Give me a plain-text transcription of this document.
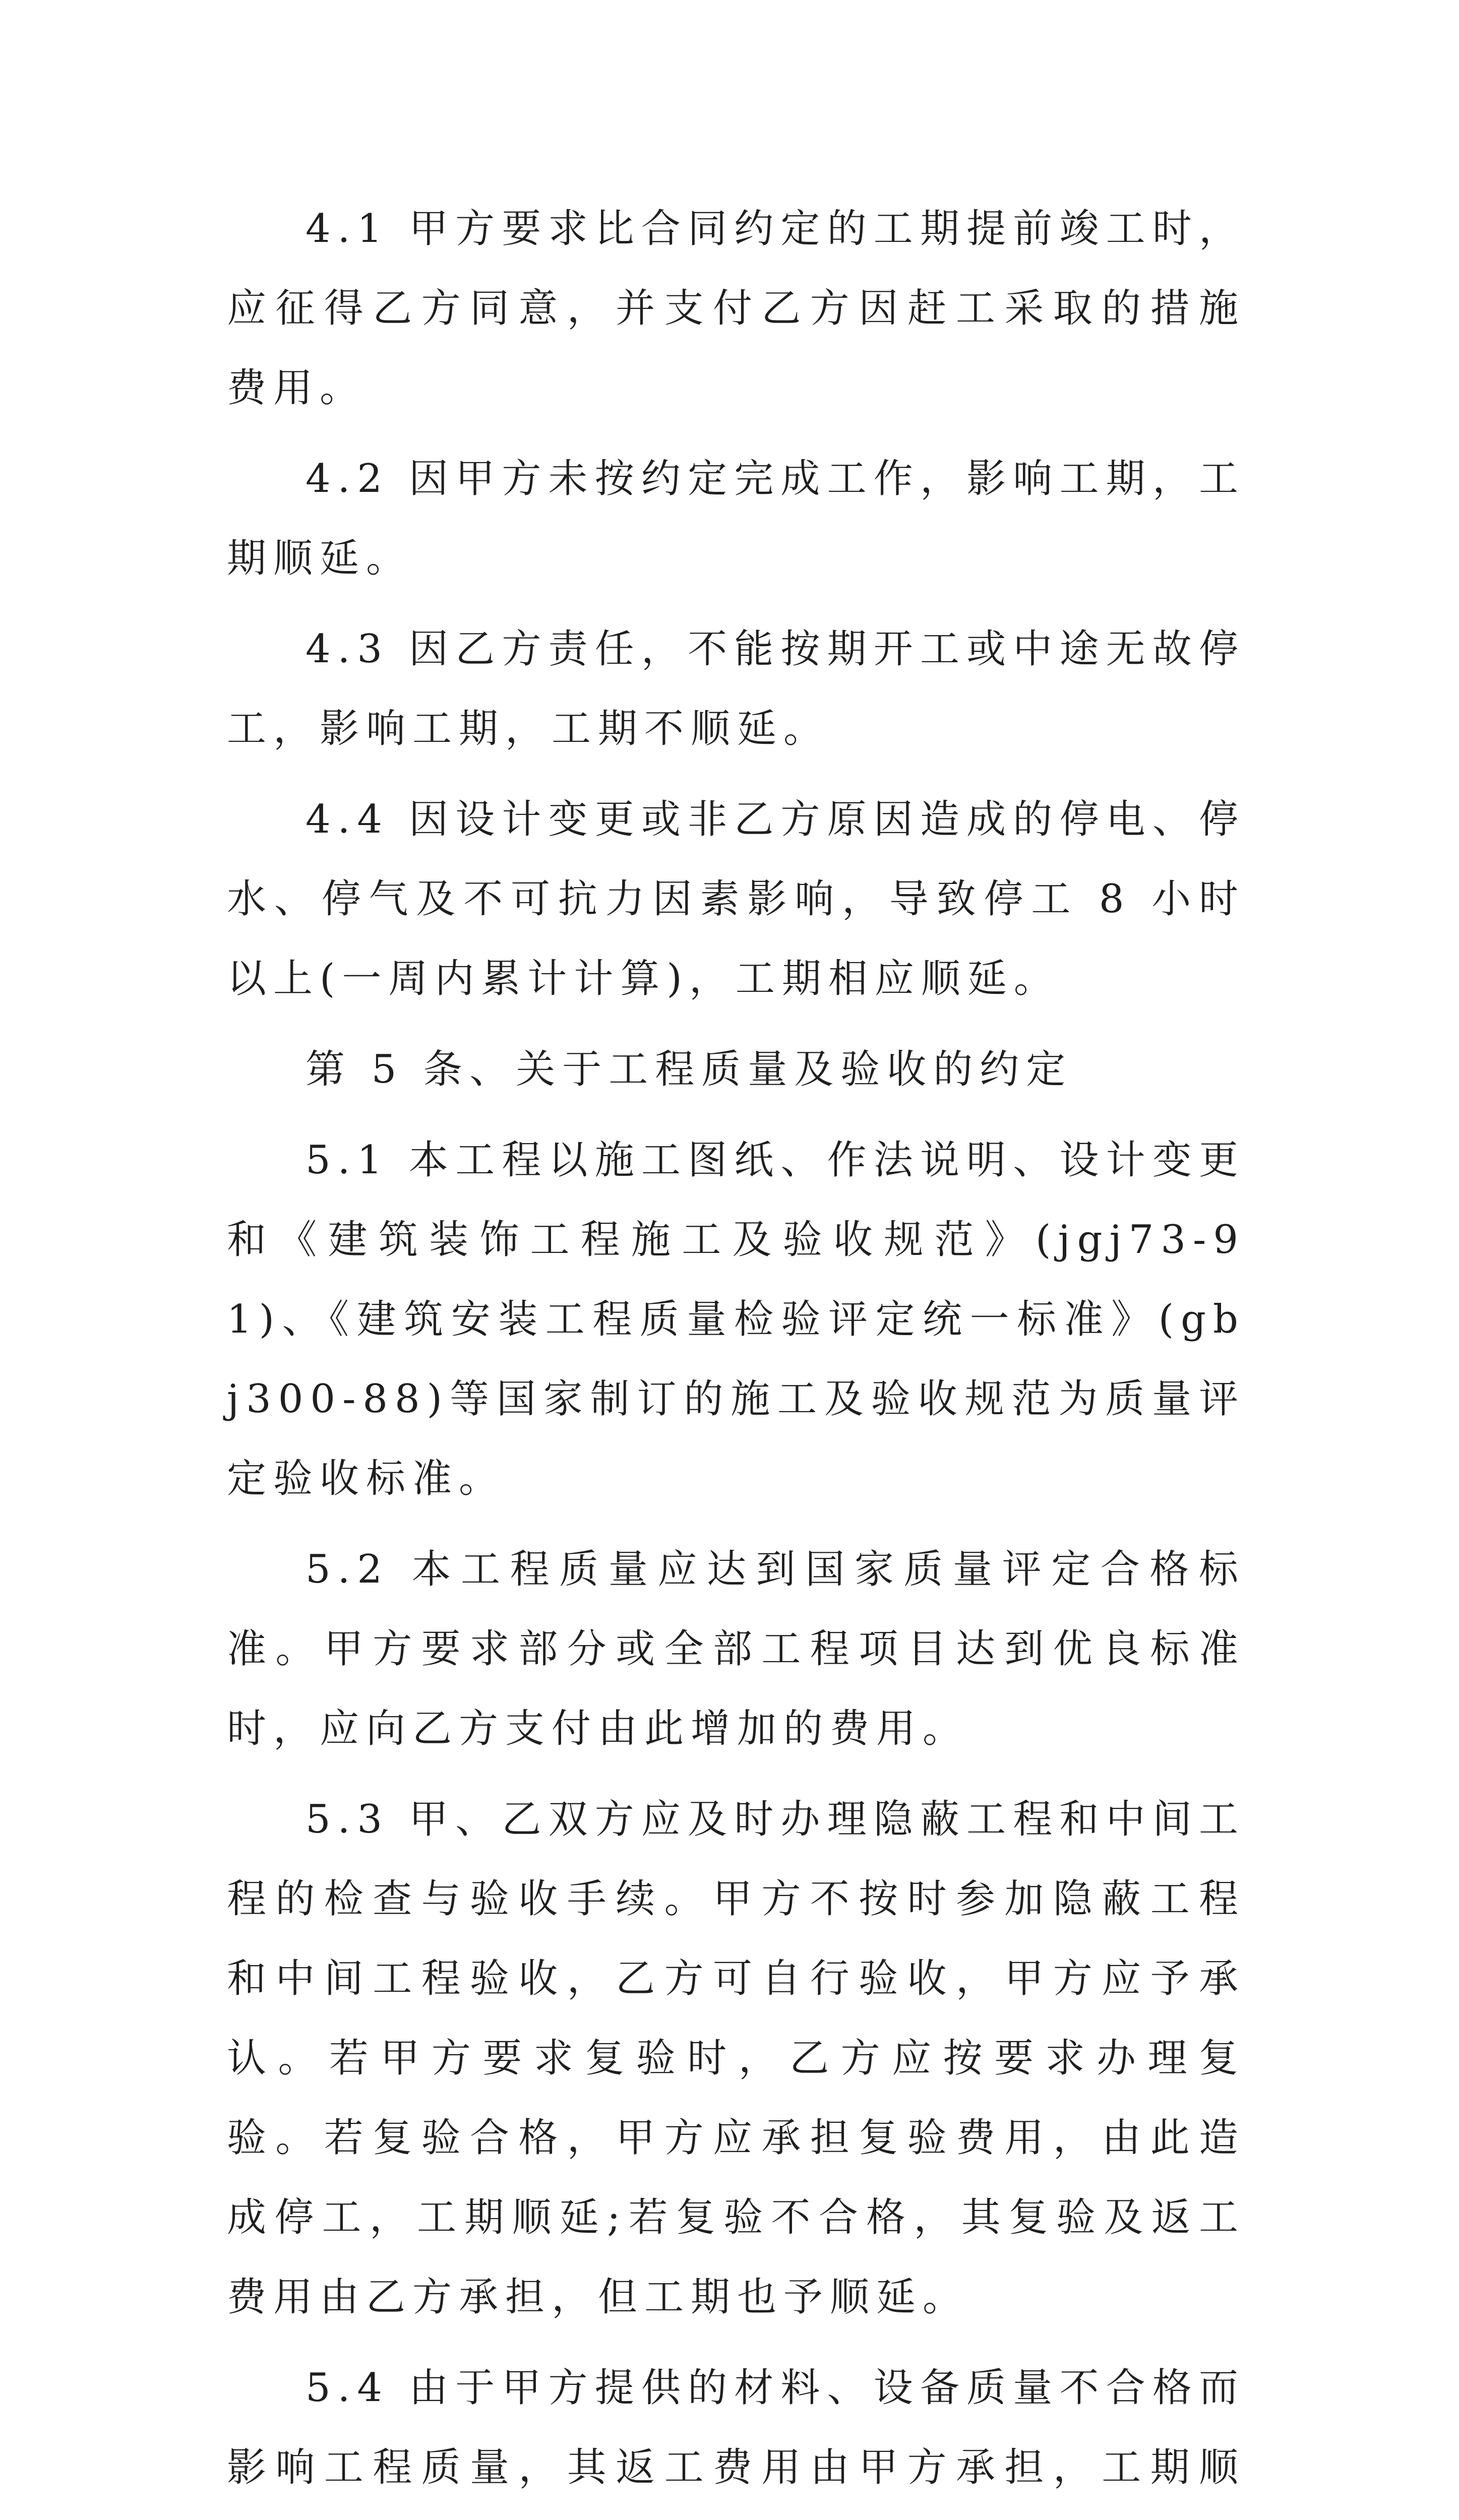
4.1 甲方要求比合同约定的工期提前竣工时，应征得乙方同意，并支付乙方因赶工采取的措施费用。

4.2 因甲方未按约定完成工作，影响工期，工期顺延。

4.3 因乙方责任，不能按期开工或中途无故停工，影响工期，工期不顺延。

4.4 因设计变更或非乙方原因造成的停电、停水、停气及不可抗力因素影响，导致停工 8 小时以上(一周内累计计算)，工期相应顺延。

第 5 条、关于工程质量及验收的约定

5.1 本工程以施工图纸、作法说明、设计变更和《建筑装饰工程施工及验收规范》(jgj73-91)、《建筑安装工程质量检验评定统一标准》(gbj300-88)等国家制订的施工及验收规范为质量评定验收标准。

5.2 本工程质量应达到国家质量评定合格标准。甲方要求部分或全部工程项目达到优良标准时，应向乙方支付由此增加的费用。

5.3 甲、乙双方应及时办理隐蔽工程和中间工程的检查与验收手续。甲方不按时参加隐蔽工程和中间工程验收，乙方可自行验收，甲方应予承认。若甲方要求复验时，乙方应按要求办理复验。若复验合格，甲方应承担复验费用，由此造成停工，工期顺延;若复验不合格，其复验及返工费用由乙方承担，但工期也予顺延。

5.4 由于甲方提供的材料、设备质量不合格而影响工程质量，其返工费用由甲方承担，工期顺
